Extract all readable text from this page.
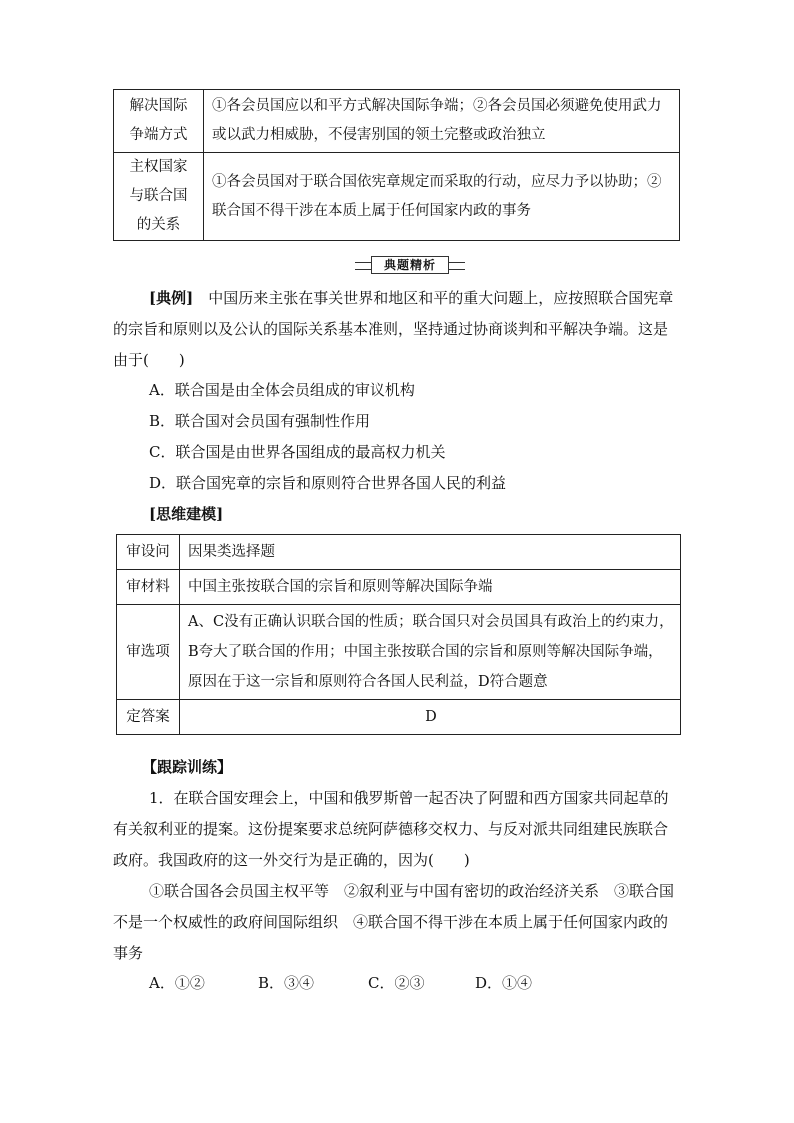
解决国际争端方式	①各会员国应以和平方式解决国际争端；②各会员国必须避免使用武力或以武力相威胁，不侵害别国的领土完整或政治独立

主权国家与联合国的关系	①各会员国对于联合国依宪章规定而采取的行动，应尽力予以协助；②联合国不得干涉在本质上属于任何国家内政的事务
典题精析

[典例]　 中国历来主张在事关世界和地区和平的重大问题上，应按照联合国宪章的宗旨和原则以及公认的国际关系基本准则，坚持通过协商谈判和平解决争端。这是由于(　　)

A．联合国是由全体会员组成的审议机构

B．联合国对会员国有强制性作用

C．联合国是由世界各国组成的最高权力机关

D．联合国宪章的宗旨和原则符合世界各国人民的利益

[思维建模]

审设问	因果类选择题
审材料	中国主张按联合国的宗旨和原则等解决国际争端
审选项	A、C没有正确认识联合国的性质；联合国只对会员国具有政治上的约束力，B夸大了联合国的作用；中国主张按联合国的宗旨和原则等解决国际争端，原因在于这一宗旨和原则符合各国人民利益，D符合题意
定答案	D

【跟踪训练】

1．在联合国安理会上，中国和俄罗斯曾一起否决了阿盟和西方国家共同起草的有关叙利亚的提案。这份提案要求总统阿萨德移交权力、与反对派共同组建民族联合政府。我国政府的这一外交行为是正确的，因为(　　)

①联合国各会员国主权平等　②叙利亚与中国有密切的政治经济关系　③联合国不是一个权威性的政府间国际组织　④联合国不得干涉在本质上属于任何国家内政的事务

A．①②	B．③④	C．②③	D．①④
